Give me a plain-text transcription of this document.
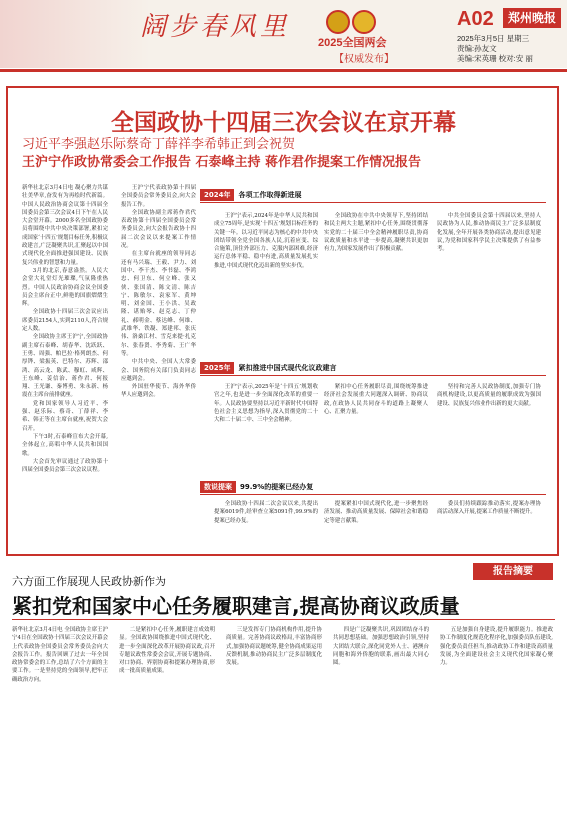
阔步春风里
2025全国两会
【权威发布】
A02	郑州晚报
2025年3月5日 星期三
责编:孙友文
美编:宋英珊 校对:安 丽
全国政协十四届三次会议在京开幕
习近平李强赵乐际蔡奇丁薛祥李希韩正到会祝贺
王沪宁作政协常委会工作报告 石泰峰主持 蒋作君作提案工作情况报告

新华社北京3月4日电 凝心聚力共谋壮美华章,奋发有为再绘时代新篇。中国人民政治协商会议第十四届全国委员会第三次会议4日下午在人民大会堂开幕。2000多名全国政协委员将围绕中共中央决策部署,紧扣完成国家‘十四五’规划目标任务,积极议政建言,广泛凝聚共识,汇聚起以中国式现代化全面推进强国建设、民族复兴伟业的智慧和力量。

3月的北京,春意盎然。人民大会堂大礼堂灯光璀璨,气氛隆重热烈。中国人民政治协商会议全国委员会主席台正中,鲜艳的国旗熠熠生辉。

全国政协十四届三次会议应出席委员2154人,实到2110人,符合规定人数。

全国政协主席王沪宁,全国政协副主席石泰峰、胡春华、沈跃跃、王勇、周强、帕巴拉·格列朗杰、何厚铧、梁振英、巴特尔、苏辉、邵鸿、高云龙、陈武、穆虹、咸辉、王东峰、姜信治、蒋作君、何报翔、王光谦、秦博勇、朱永新、杨震在主席台前排就座。

党和国家领导人习近平、李强、赵乐际、蔡奇、丁薛祥、李希、韩正等在主席台就座,祝贺大会召开。

下午3时,石泰峰宣布大会开幕,全体起立,高唱中华人民共和国国歌。

大会首先审议通过了政协第十四届全国委员会第三次会议议程。

王沪宁代表政协第十四届全国委员会常务委员会,向大会报告工作。

全国政协副主席蒋作君代表政协第十四届全国委员会常务委员会,向大会报告政协十四届二次会议以来提案工作情况。

在主席台就座的领导同志还有马兴瑞、王毅、尹力、刘国中、李干杰、李书磊、李鸿忠、何卫东、何立峰、张又侠、张国清、陈文清、陈吉宁、陈敏尔、袁家军、黄坤明、刘金国、王小洪、吴政隆、谌贻琴、赵克志、丁仲礼、郝明金、蔡达峰、何维、武维华、铁凝、郑建邦、张庆伟、洛桑江村、雪克来提·扎克尔、张春贤、李秀菊、王广华等。

中共中央、全国人大常委会、国务院有关部门负责同志应邀到会。

外国驻华使节、海外华侨华人应邀到会。

2024年 各项工作取得新进展

王沪宁表示,2024年是中华人民共和国成立75周年,是实现‘十四五’规划目标任务的关键一年。以习近平同志为核心的中共中央团结带领全党全国各族人民,沉着应变、综合施策,顶住外部压力、克服内部困难,经济运行总体平稳、稳中有进,高质量发展扎实推进,中国式现代化迈出新的坚实步伐。

全国政协在中共中央领导下,坚持团结和民主两大主题,紧扣中心任务,围绕贯彻落实党的二十届三中全会精神履职尽责,协商议政质量和水平进一步提高,凝聚共识更加有力,为国家发展作出了积极贡献。

中共全国委员会第十四届以来,坚持人民政协为人民,推动协商民主广泛多层制度化发展,全年开展各类协商活动,提出意见建议,为党和国家科学民主决策提供了有益参考。

2025年 紧扣推进中国式现代化议政建言

王沪宁表示,2025年是‘十四五’规划收官之年,也是进一步全面深化改革的重要一年。人民政协要坚持以习近平新时代中国特色社会主义思想为指导,深入贯彻党的二十大和二十届二中、三中全会精神。

紧扣中心任务履职尽责,围绕统筹推进经济社会发展重大问题深入调研、协商议政,在政协人民共同奋斗的道路上凝聚人心、汇聚力量。

坚持和完善人民政协制度,加强专门协商机构建设,以更高质量的履职成效为强国建设、民族复兴伟业作出新的更大贡献。

数说提案 99.9%的提案已经办复

全国政协十四届二次会议以来,共提出提案6019件,经审查立案5091件,99.9%的提案已经办复。

提案紧扣中国式现代化,进一步聚焦经济发展、推动高质量发展、保障社会和谐稳定等建言献策。

委员们持续跟踪推动落实,提案办理协商活动深入开展,提案工作质量不断提升。

六方面工作展现人民政协新作为
报告摘要
紧扣党和国家中心任务履职建言,提高协商议政质量

新华社北京3月4日电 全国政协主席王沪宁4日在全国政协十四届三次会议开幕会上代表政协全国委员会常务委员会向大会报告工作。报告回顾了过去一年全国政协常委会的工作,总结了六个方面的主要工作。一是坚持党的全面领导,把牢正确政治方向。

二是紧扣中心任务,履职建言成效明显。全国政协围绕推进中国式现代化、进一步全面深化改革开展协商议政,召开专题议政性常委会会议,开展专题协商、对口协商、界别协商和提案办理协商,形成一批高质量成果。

三是发挥专门协商机构作用,提升协商质量。完善协商议政格局,丰富协商形式,加强协商议题统筹,健全协商成果运用反馈机制,推动协商民主广泛多层制度化发展。

四是广泛凝聚共识,巩固团结奋斗的共同思想基础。加强思想政治引领,坚持大团结大联合,深化同党外人士、港澳台同胞和海外侨胞的联系,画出最大同心圆。

五是加强自身建设,提升履职能力。推进政协工作制度化规范化程序化,加强委员队伍建设,强化委员责任担当,推动政协工作和建设高质量发展,为全面建设社会主义现代化国家凝心聚力。
